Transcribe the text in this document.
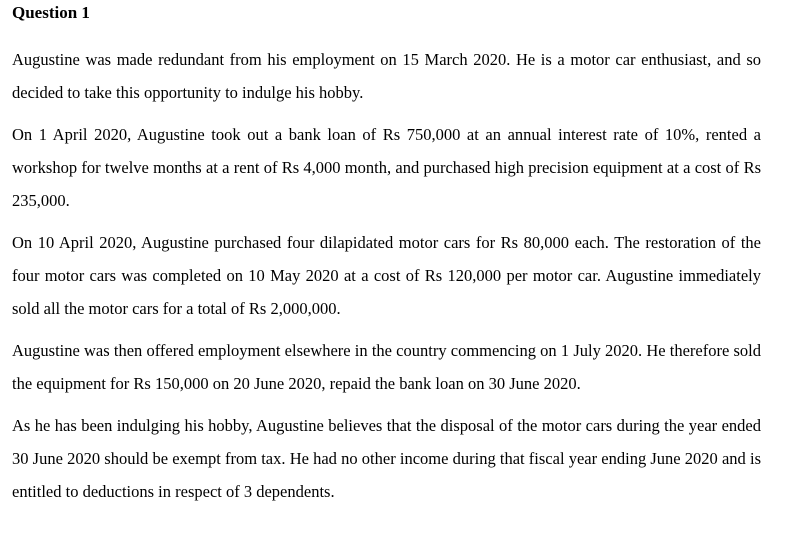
Question 1

Augustine was made redundant from his employment on 15 March 2020. He is a motor car enthusiast, and so decided to take this opportunity to indulge his hobby.

On 1 April 2020, Augustine took out a bank loan of Rs 750,000 at an annual interest rate of 10%, rented a workshop for twelve months at a rent of Rs 4,000 month, and purchased high precision equipment at a cost of Rs 235,000.

On 10 April 2020, Augustine purchased four dilapidated motor cars for Rs 80,000 each. The restoration of the four motor cars was completed on 10 May 2020 at a cost of Rs 120,000 per motor car. Augustine immediately sold all the motor cars for a total of Rs 2,000,000.

Augustine was then offered employment elsewhere in the country commencing on 1 July 2020. He therefore sold the equipment for Rs 150,000 on 20 June 2020, repaid the bank loan on 30 June 2020.

As he has been indulging his hobby, Augustine believes that the disposal of the motor cars during the year ended 30 June 2020 should be exempt from tax. He had no other income during that fiscal year ending June 2020 and is entitled to deductions in respect of 3 dependents.
